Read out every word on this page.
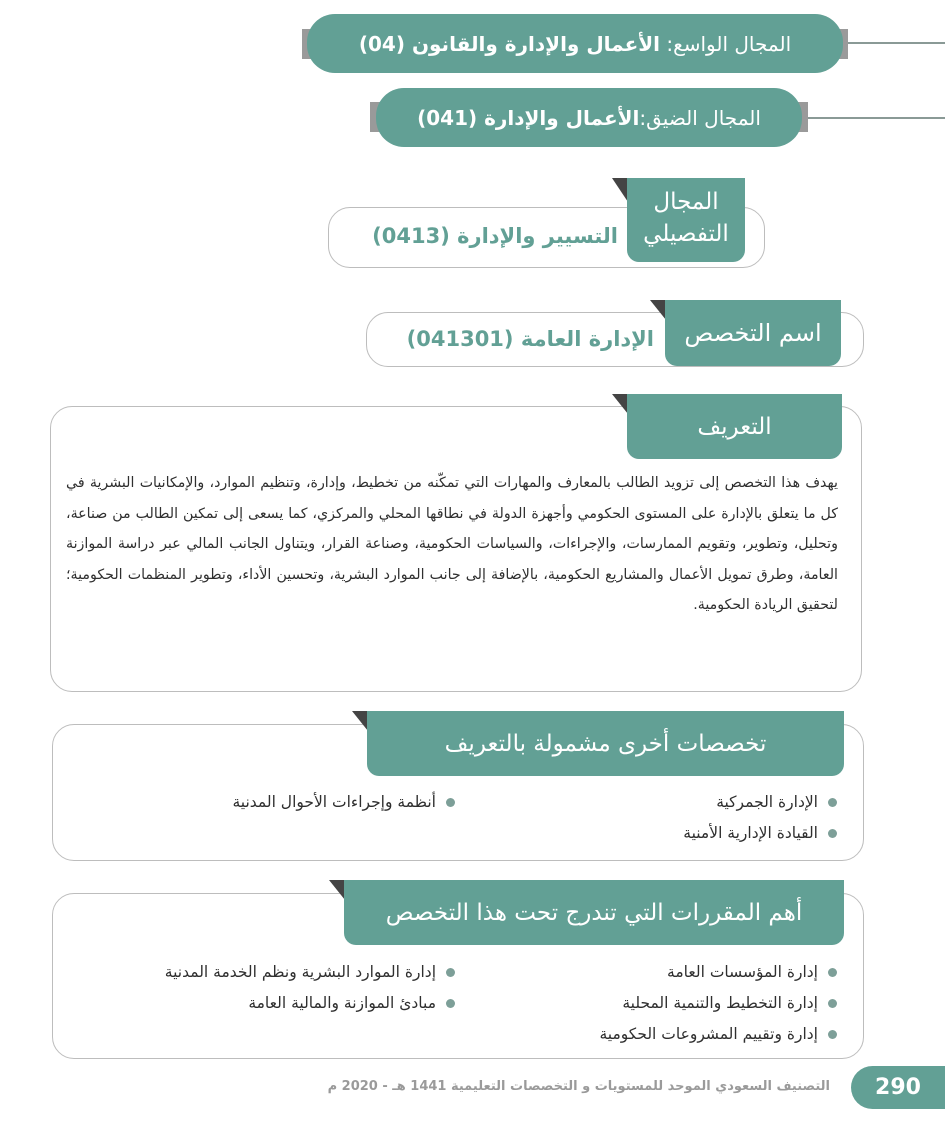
المجال الواسع:

الأعمال والإدارة والقانون (04)
المجال الضيق:
الأعمال والإدارة (041)
المجال
التفصيلي
التسيير والإدارة (0413)
اسم التخصص
الإدارة العامة (041301)
التعريف
يهدف هذا التخصص إلى تزويد الطالب بالمعارف والمهارات التي تمكّنه من تخطيط، وإدارة، وتنظيم الموارد، والإمكانيات البشرية في كل ما يتعلق بالإدارة على المستوى الحكومي وأجهزة الدولة في نطاقها المحلي والمركزي، كما يسعى إلى تمكين الطالب من صناعة، وتحليل، وتطوير، وتقويم الممارسات، والإجراءات، والسياسات الحكومية، وصناعة القرار، ويتناول الجانب المالي عبر دراسة الموازنة العامة، وطرق تمويل الأعمال والمشاريع الحكومية، بالإضافة إلى جانب الموارد البشرية، وتحسين الأداء، وتطوير المنظمات الحكومية؛ لتحقيق الريادة الحكومية.
تخصصات أخرى مشمولة بالتعريف
الإدارة الجمركية
القيادة الإدارية الأمنية
أنظمة وإجراءات الأحوال المدنية
أهم المقررات التي تندرج تحت هذا التخصص
إدارة المؤسسات العامة
إدارة التخطيط والتنمية المحلية
إدارة وتقييم المشروعات الحكومية
إدارة الموارد البشرية ونظم الخدمة المدنية
مبادئ الموازنة والمالية العامة
290
التصنيف السعودي الموحد للمستويات و التخصصات التعليمية 1441 هـ - 2020 م
